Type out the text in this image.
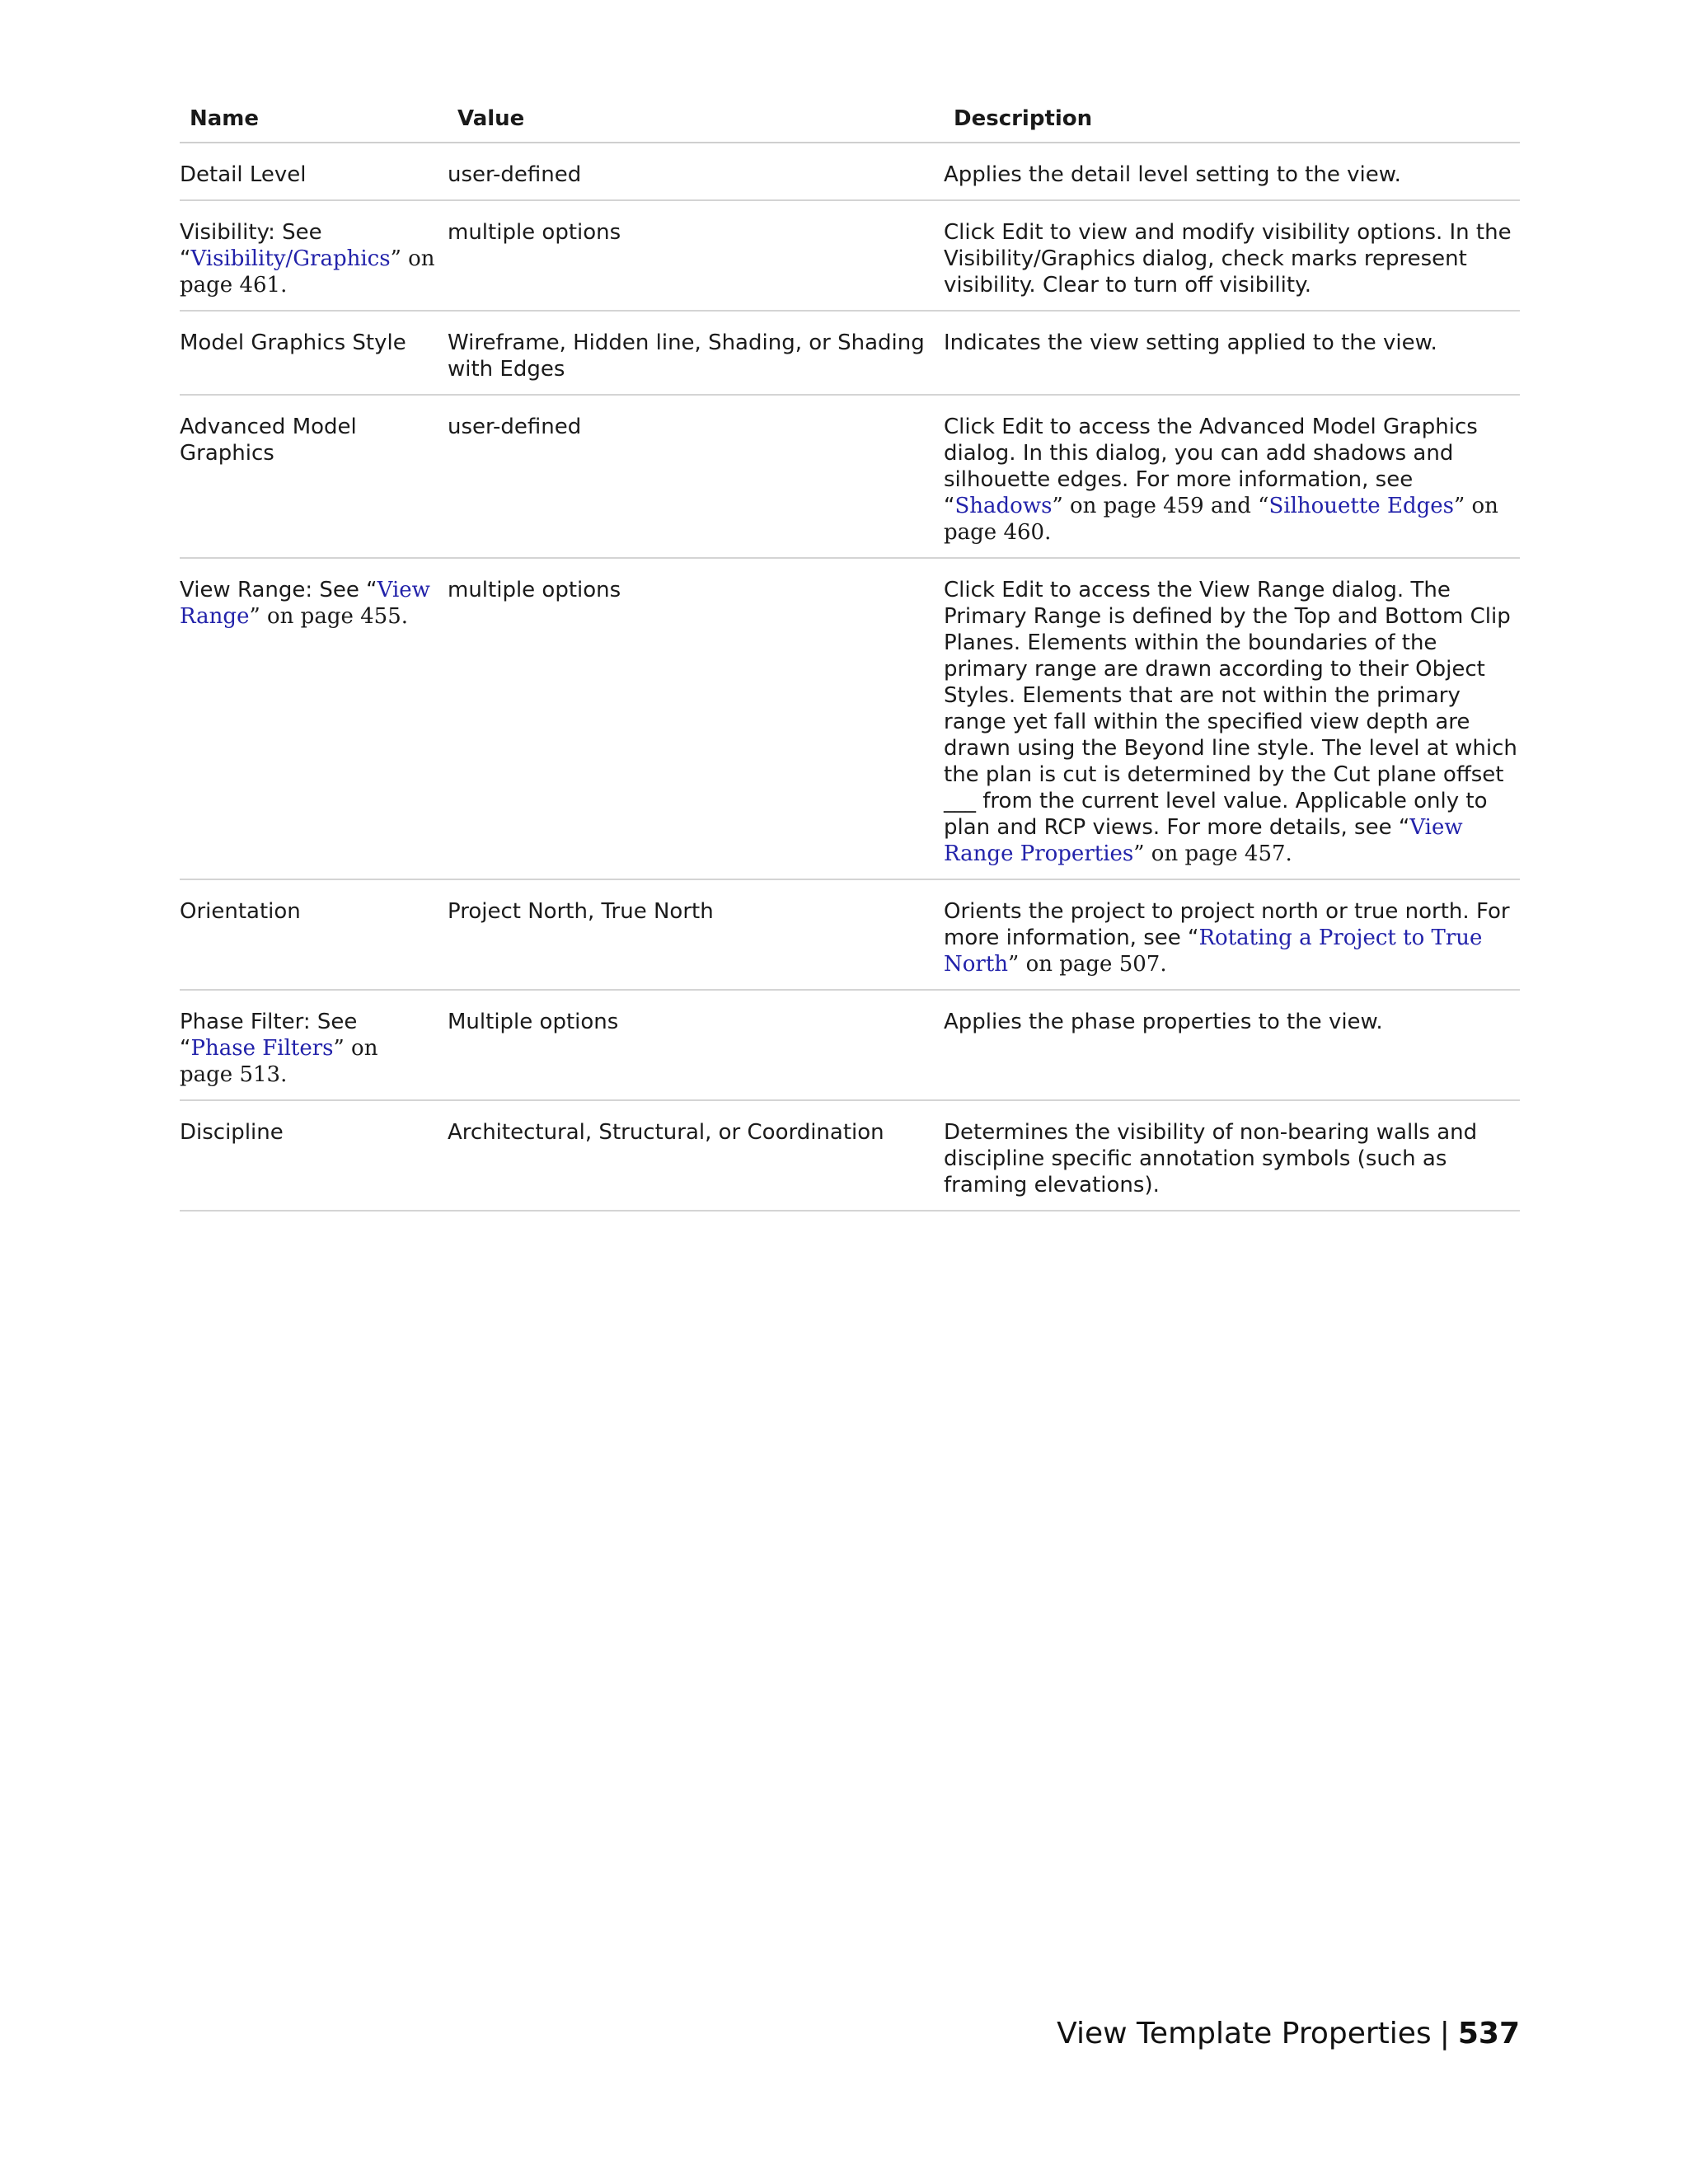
Name	Value	Description
Detail Level	user-defined	Applies the detail level setting to the view.
Visibility: See “Visibility/Graphics” on page 461.	multiple options	Click Edit to view and modify visibility options. In the Visibility/Graphics dialog, check marks represent visibility. Clear to turn off visibility.
Model Graphics Style	Wireframe, Hidden line, Shading, or Shading with Edges	Indicates the view setting applied to the view.
Advanced Model Graphics	user-defined	Click Edit to access the Advanced Model Graphics dialog. In this dialog, you can add shadows and silhouette edges. For more information, see “Shadows” on page 459 and “Silhouette Edges” on page 460.
View Range: See “View Range” on page 455.	multiple options	Click Edit to access the View Range dialog. The Primary Range is defined by the Top and Bottom Clip Planes. Elements within the boundaries of the primary range are drawn according to their Object Styles. Elements that are not within the primary range yet fall within the specified view depth are drawn using the Beyond line style. The level at which the plan is cut is determined by the Cut plane offset ___ from the current level value. Applicable only to plan and RCP views. For more details, see “View Range Properties” on page 457.
Orientation	Project North, True North	Orients the project to project north or true north. For more information, see “Rotating a Project to True North” on page 507.
Phase Filter: See “Phase Filters” on page 513.	Multiple options	Applies the phase properties to the view.
Discipline	Architectural, Structural, or Coordination	Determines the visibility of non-bearing walls and discipline specific annotation symbols (such as framing elevations).
View Template Properties | 537
